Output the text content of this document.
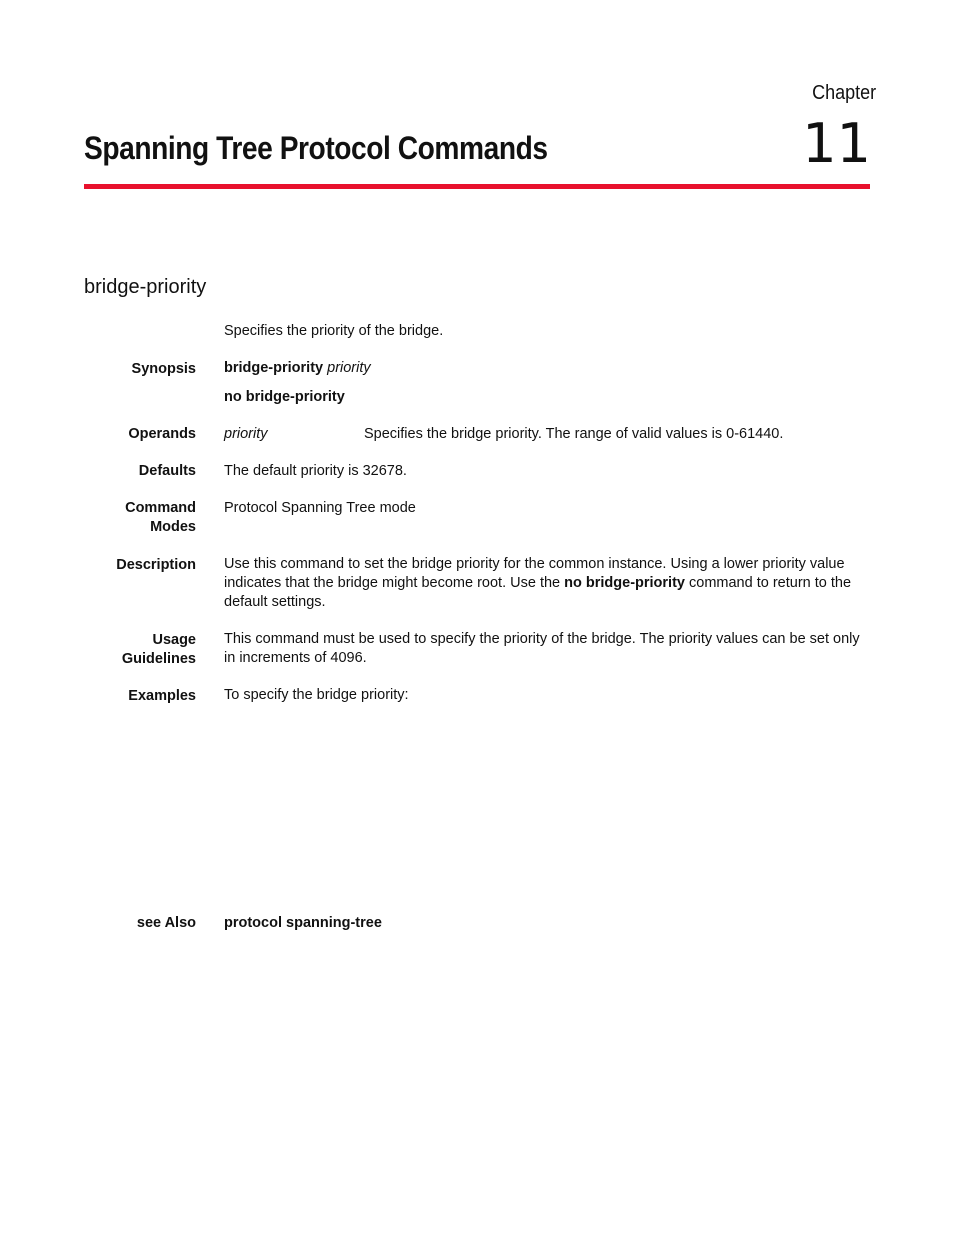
Chapter
11
Spanning Tree Protocol Commands
bridge-priority
Specifies the priority of the bridge.
Synopsis bridge-priority priority
no bridge-priority
Operands priority	Specifies the bridge priority. The range of valid values is 0-61440.
Defaults The default priority is 32678.
Command
Modes
Protocol Spanning Tree mode
Description Use this command to set the bridge priority for the common instance. Using a lower priority value indicates that the bridge might become root. Use the no bridge-priority command to return to the default settings.
Usage
Guidelines
This command must be used to specify the priority of the bridge. The priority values can be set only in increments of 4096.
Examples To specify the bridge priority:
see Also protocol spanning-tree
